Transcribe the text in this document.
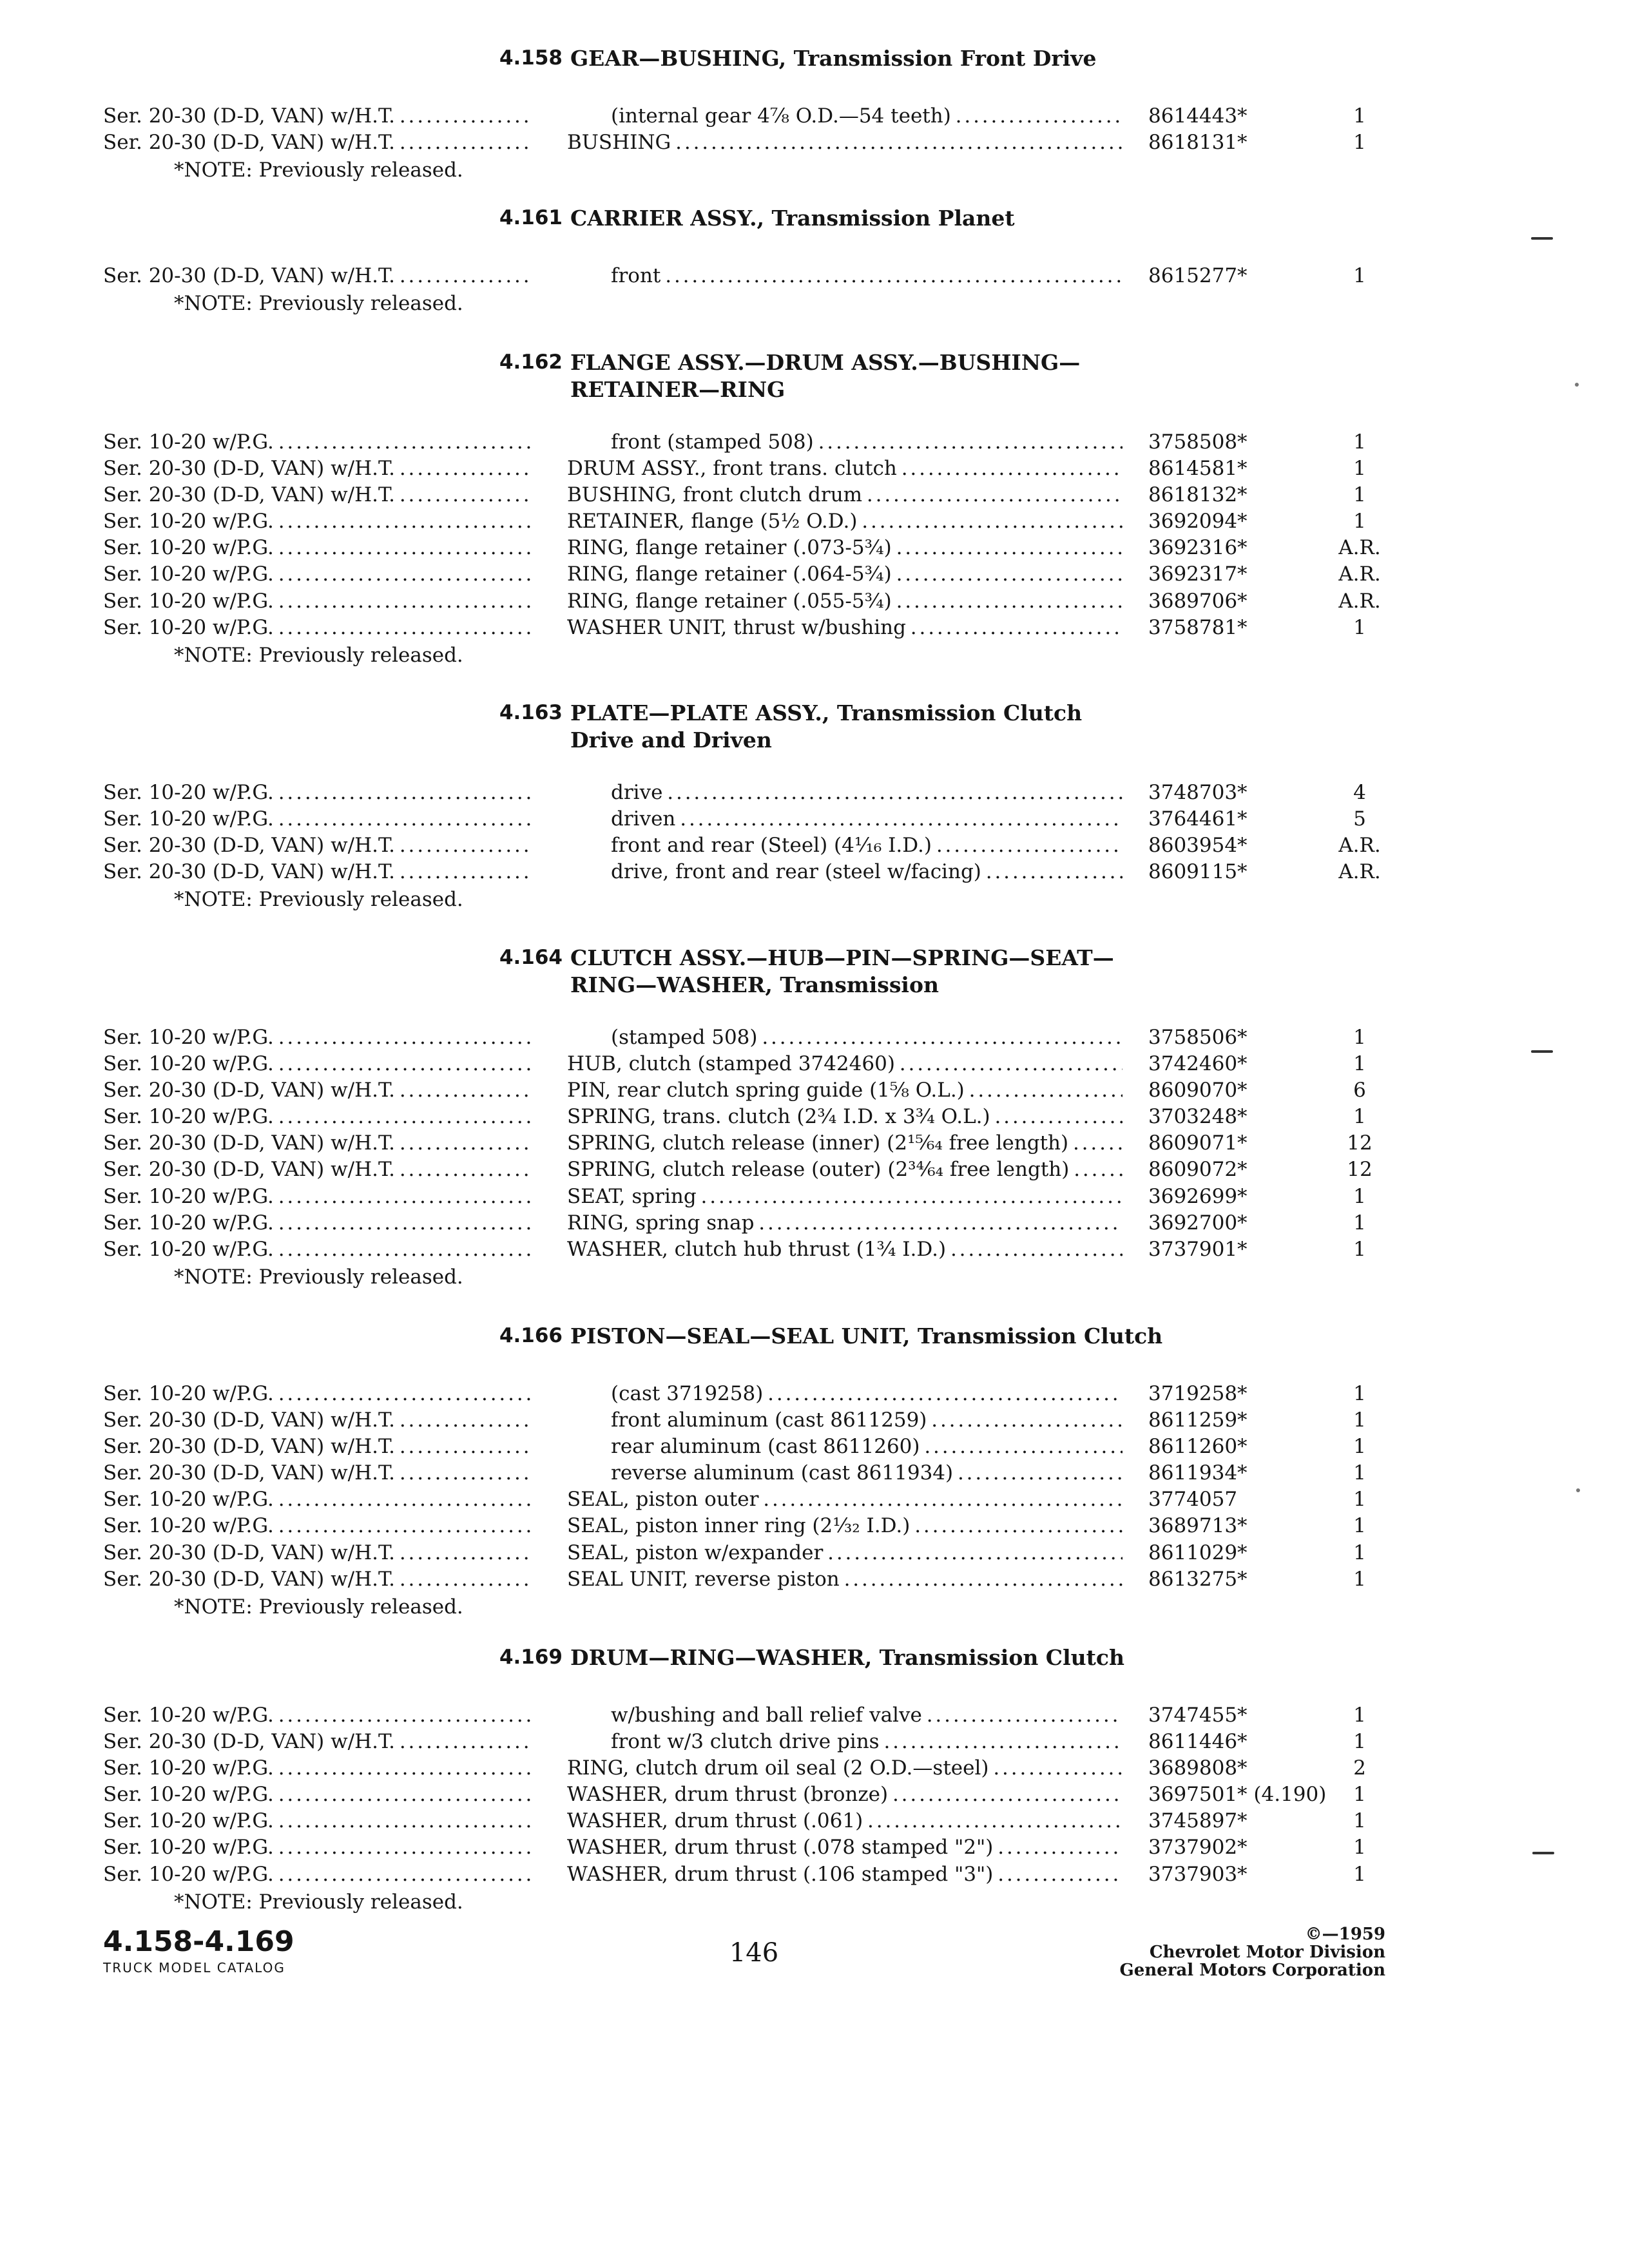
4.158 GEAR—BUSHING, Transmission Front Drive
Ser. 20-30 (D-D, VAN) w/H.T. . . .	(internal gear 4⅞ O.D.—54 teeth) . . .	8614443*	1
Ser. 20-30 (D-D, VAN) w/H.T. . . .	BUSHING . . .	8618131*	1
*NOTE: Previously released.
4.161 CARRIER ASSY., Transmission Planet
Ser. 20-30 (D-D, VAN) w/H.T. . . .	front . . .	8615277*	1
*NOTE: Previously released.
4.162 FLANGE ASSY.—DRUM ASSY.—BUSHING—
RETAINER—RING
Ser. 10-20 w/P.G. . . .	front (stamped 508) . . .	3758508*	1
Ser. 20-30 (D-D, VAN) w/H.T. . . .	DRUM ASSY., front trans. clutch . . .	8614581*	1
Ser. 20-30 (D-D, VAN) w/H.T. . . .	BUSHING, front clutch drum . . .	8618132*	1
Ser. 10-20 w/P.G. . . .	RETAINER, flange (5½ O.D.) . . .	3692094*	1
Ser. 10-20 w/P.G. . . .	RING, flange retainer (.073-5¾) . . .	3692316*	A.R.
Ser. 10-20 w/P.G. . . .	RING, flange retainer (.064-5¾) . . .	3692317*	A.R.
Ser. 10-20 w/P.G. . . .	RING, flange retainer (.055-5¾) . . .	3689706*	A.R.
Ser. 10-20 w/P.G. . . .	WASHER UNIT, thrust w/bushing . . .	3758781*	1
*NOTE: Previously released.
4.163 PLATE—PLATE ASSY., Transmission Clutch
Drive and Driven
Ser. 10-20 w/P.G. . . .	drive . . .	3748703*	4
Ser. 10-20 w/P.G. . . .	driven . . .	3764461*	5
Ser. 20-30 (D-D, VAN) w/H.T. . . .	front and rear (Steel) (4¹⁄₁₆ I.D.) . . .	8603954*	A.R.
Ser. 20-30 (D-D, VAN) w/H.T. . . .	drive, front and rear (steel w/facing) . . .	8609115*	A.R.
*NOTE: Previously released.
4.164 CLUTCH ASSY.—HUB—PIN—SPRING—SEAT—
RING—WASHER, Transmission
Ser. 10-20 w/P.G. . . .	(stamped 508) . . .	3758506*	1
Ser. 10-20 w/P.G. . . .	HUB, clutch (stamped 3742460) . . .	3742460*	1
Ser. 20-30 (D-D, VAN) w/H.T. . . .	PIN, rear clutch spring guide (1⅝ O.L.) . . .	8609070*	6
Ser. 10-20 w/P.G. . . .	SPRING, trans. clutch (2¾ I.D. x 3¾ O.L.) . . .	3703248*	1
Ser. 20-30 (D-D, VAN) w/H.T. . . .	SPRING, clutch release (inner) (2¹⁵⁄₆₄ free length) . . .	8609071*	12
Ser. 20-30 (D-D, VAN) w/H.T. . . .	SPRING, clutch release (outer) (2³⁴⁄₆₄ free length) . . .	8609072*	12
Ser. 10-20 w/P.G. . . .	SEAT, spring . . .	3692699*	1
Ser. 10-20 w/P.G. . . .	RING, spring snap . . .	3692700*	1
Ser. 10-20 w/P.G. . . .	WASHER, clutch hub thrust (1¾ I.D.) . . .	3737901*	1
*NOTE: Previously released.
4.166 PISTON—SEAL—SEAL UNIT, Transmission Clutch
Ser. 10-20 w/P.G. . . .	(cast 3719258) . . .	3719258*	1
Ser. 20-30 (D-D, VAN) w/H.T. . . .	front aluminum (cast 8611259) . . .	8611259*	1
Ser. 20-30 (D-D, VAN) w/H.T. . . .	rear aluminum (cast 8611260) . . .	8611260*	1
Ser. 20-30 (D-D, VAN) w/H.T. . . .	reverse aluminum (cast 8611934) . . .	8611934*	1
Ser. 10-20 w/P.G. . . .	SEAL, piston outer . . .	3774057	1
Ser. 10-20 w/P.G. . . .	SEAL, piston inner ring (2¹⁄₃₂ I.D.) . . .	3689713*	1
Ser. 20-30 (D-D, VAN) w/H.T. . . .	SEAL, piston w/expander . . .	8611029*	1
Ser. 20-30 (D-D, VAN) w/H.T. . . .	SEAL UNIT, reverse piston . . .	8613275*	1
*NOTE: Previously released.
4.169 DRUM—RING—WASHER, Transmission Clutch
Ser. 10-20 w/P.G. . . .	w/bushing and ball relief valve . . .	3747455*	1
Ser. 20-30 (D-D, VAN) w/H.T. . . .	front w/3 clutch drive pins . . .	8611446*	1
Ser. 10-20 w/P.G. . . .	RING, clutch drum oil seal (2 O.D.—steel) . . .	3689808*	2
Ser. 10-20 w/P.G. . . .	WASHER, drum thrust (bronze) . . .	3697501* (4.190)	1
Ser. 10-20 w/P.G. . . .	WASHER, drum thrust (.061) . . .	3745897*	1
Ser. 10-20 w/P.G. . . .	WASHER, drum thrust (.078 stamped "2") . . .	3737902*	1
Ser. 10-20 w/P.G. . . .	WASHER, drum thrust (.106 stamped "3") . . .	3737903*	1
*NOTE: Previously released.
4.158-4.169
TRUCK MODEL CATALOG	146
©—1959
Chevrolet Motor Division
General Motors Corporation
